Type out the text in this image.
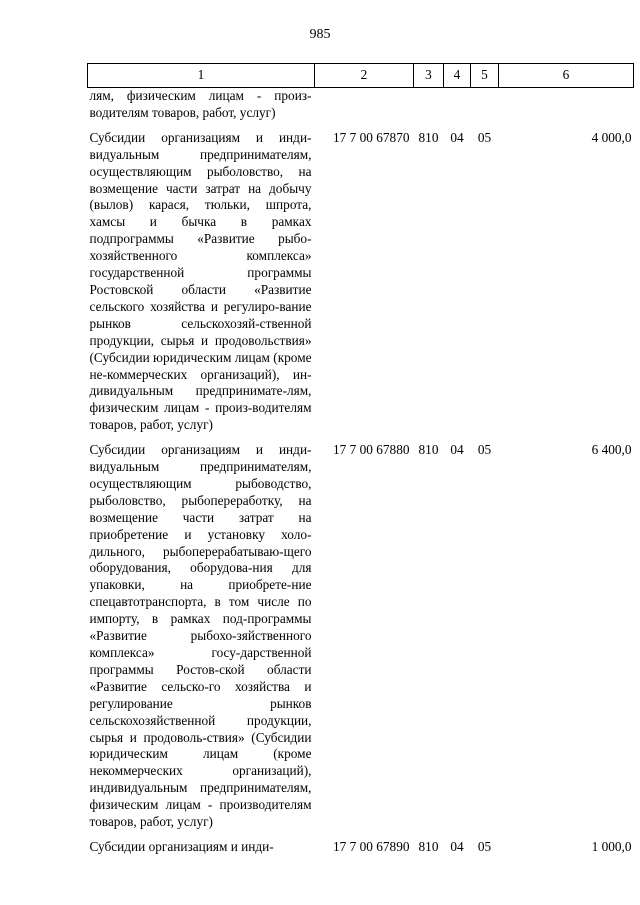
985
1	2	3	4	5	6
лям, физическим лицам - произ-водителям товаров, работ, услуг)					
Субсидии организациям и инди-видуальным предпринимателям, осуществляющим рыболовство, на возмещение части затрат на добычу (вылов) карася, тюльки, шпрота, хамсы и бычка в рамках подпрограммы «Развитие рыбо-хозяйственного комплекса» государственной программы Ростовской области «Развитие сельского хозяйства и регулиро-вание рынков сельскохозяй-ственной продукции, сырья и продовольствия» (Субсидии юридическим лицам (кроме не-коммерческих организаций), ин-дивидуальным предпринимате-лям, физическим лицам - произ-водителям товаров, работ, услуг)	17 7 00 67870	810	04	05	4 000,0
Субсидии организациям и инди-видуальным предпринимателям, осуществляющим рыбоводство, рыболовство, рыбопереработку, на возмещение части затрат на приобретение и установку холо-дильного, рыбоперерабатываю-щего оборудования, оборудова-ния для упаковки, на приобрете-ние спецавтотранспорта, в том числе по импорту, в рамках под-программы «Развитие рыбохо-зяйственного комплекса» госу-дарственной программы Ростов-ской области «Развитие сельско-го хозяйства и регулирование рынков сельскохозяйственной продукции, сырья и продоволь-ствия» (Субсидии юридическим лицам (кроме некоммерческих организаций), индивидуальным предпринимателям, физическим лицам - производителям товаров, работ, услуг)	17 7 00 67880	810	04	05	6 400,0
Субсидии организациям и инди-	17 7 00 67890	810	04	05	1 000,0
